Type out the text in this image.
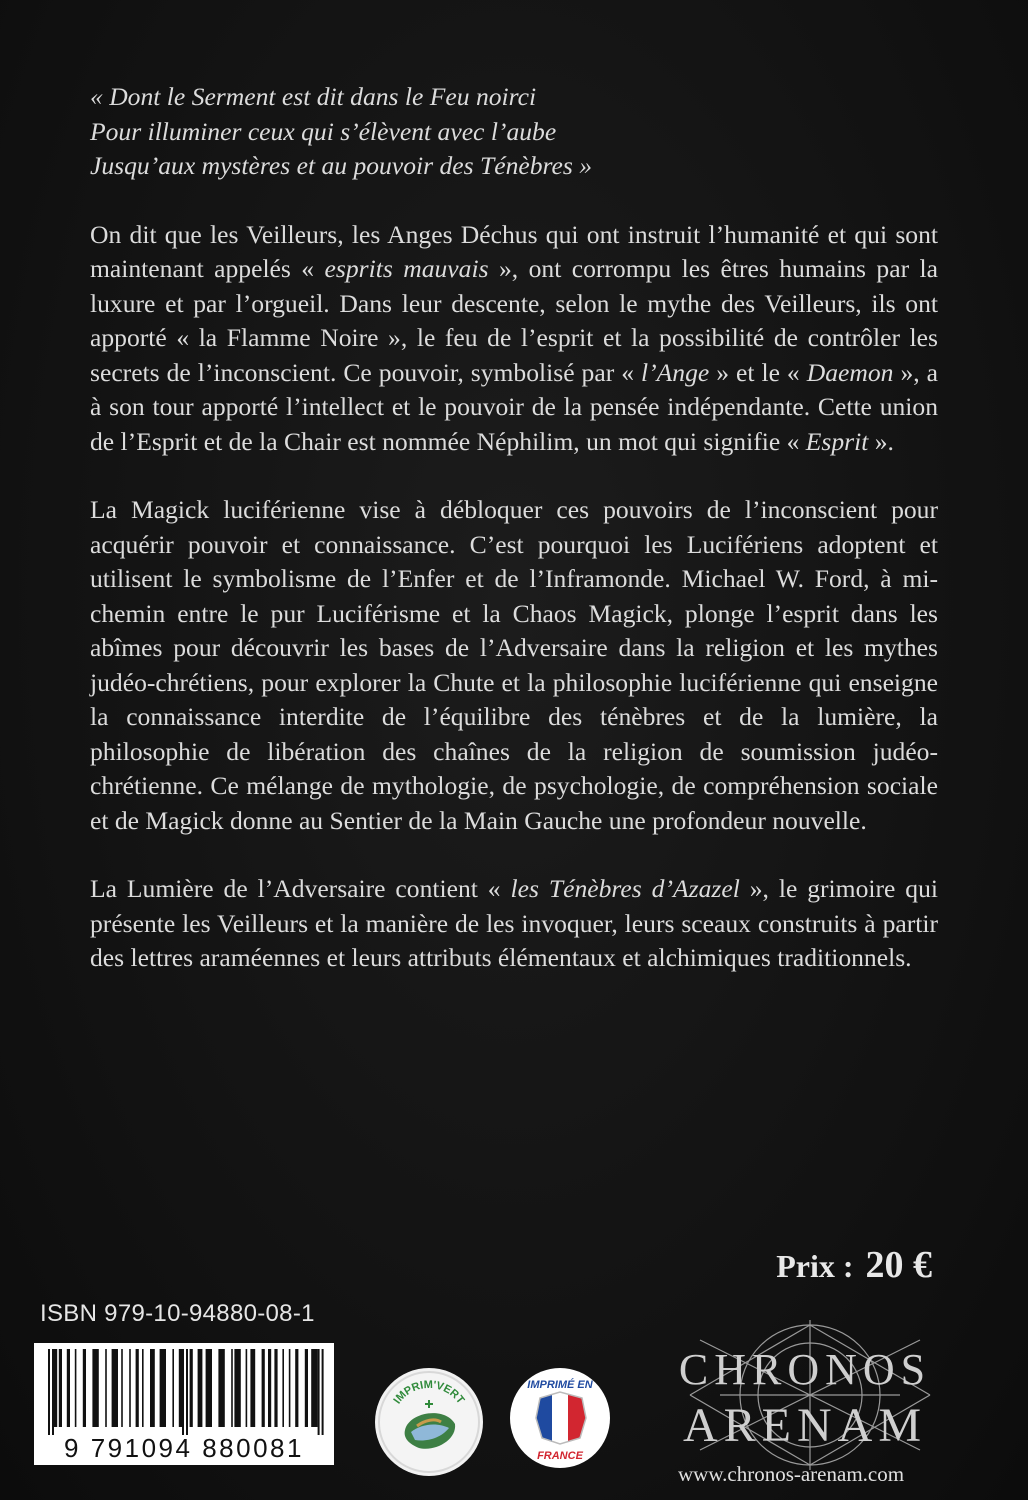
« Dont le Serment est dit dans le Feu noirci
Pour illuminer ceux qui s’élèvent avec l’aube
Jusqu’aux mystères et au pouvoir des Ténèbres »

On dit que les Veilleurs, les Anges Déchus qui ont instruit l’humanité et qui sont maintenant appelés « esprits mauvais », ont corrompu les êtres humains par la luxure et par l’orgueil. Dans leur descente, selon le mythe des Veilleurs, ils ont apporté « la Flamme Noire », le feu de l’esprit et la possibilité de contrôler les secrets de l’inconscient. Ce pouvoir, symbolisé par « l’Ange » et le « Daemon », a à son tour apporté l’intellect et le pouvoir de la pensée indépendante. Cette union de l’Esprit et de la Chair est nommée Néphilim, un mot qui signifie « Esprit ».

La Magick luciférienne vise à débloquer ces pouvoirs de l’inconscient pour acquérir pouvoir et connaissance. C’est pourquoi les Lucifériens adoptent et utilisent le symbolisme de l’Enfer et de l’Inframonde. Michael W. Ford, à mi-chemin entre le pur Luciférisme et la Chaos Magick, plonge l’esprit dans les abîmes pour découvrir les bases de l’Adversaire dans la religion et les mythes judéo-chrétiens, pour explorer la Chute et la philosophie luciférienne qui enseigne la connaissance interdite de l’équilibre des ténèbres et de la lumière, la philosophie de libération des chaînes de la religion de soumission judéo-chrétienne. Ce mélange de mythologie, de psychologie, de compréhension sociale et de Magick donne au Sentier de la Main Gauche une profondeur nouvelle.

La Lumière de l’Adversaire contient « les Ténèbres d’Azazel », le grimoire qui présente les Veilleurs et la manière de les invoquer, leurs sceaux construits à partir des lettres araméennes et leurs attributs élémentaux et alchimiques traditionnels.

Prix : 20 €
ISBN 979-10-94880-08-1
9 791094 880081
IMPRIM'VERT
IMPRIMÉ EN
FRANCE
CHRONOS
ARENAM
www.chronos-arenam.com
